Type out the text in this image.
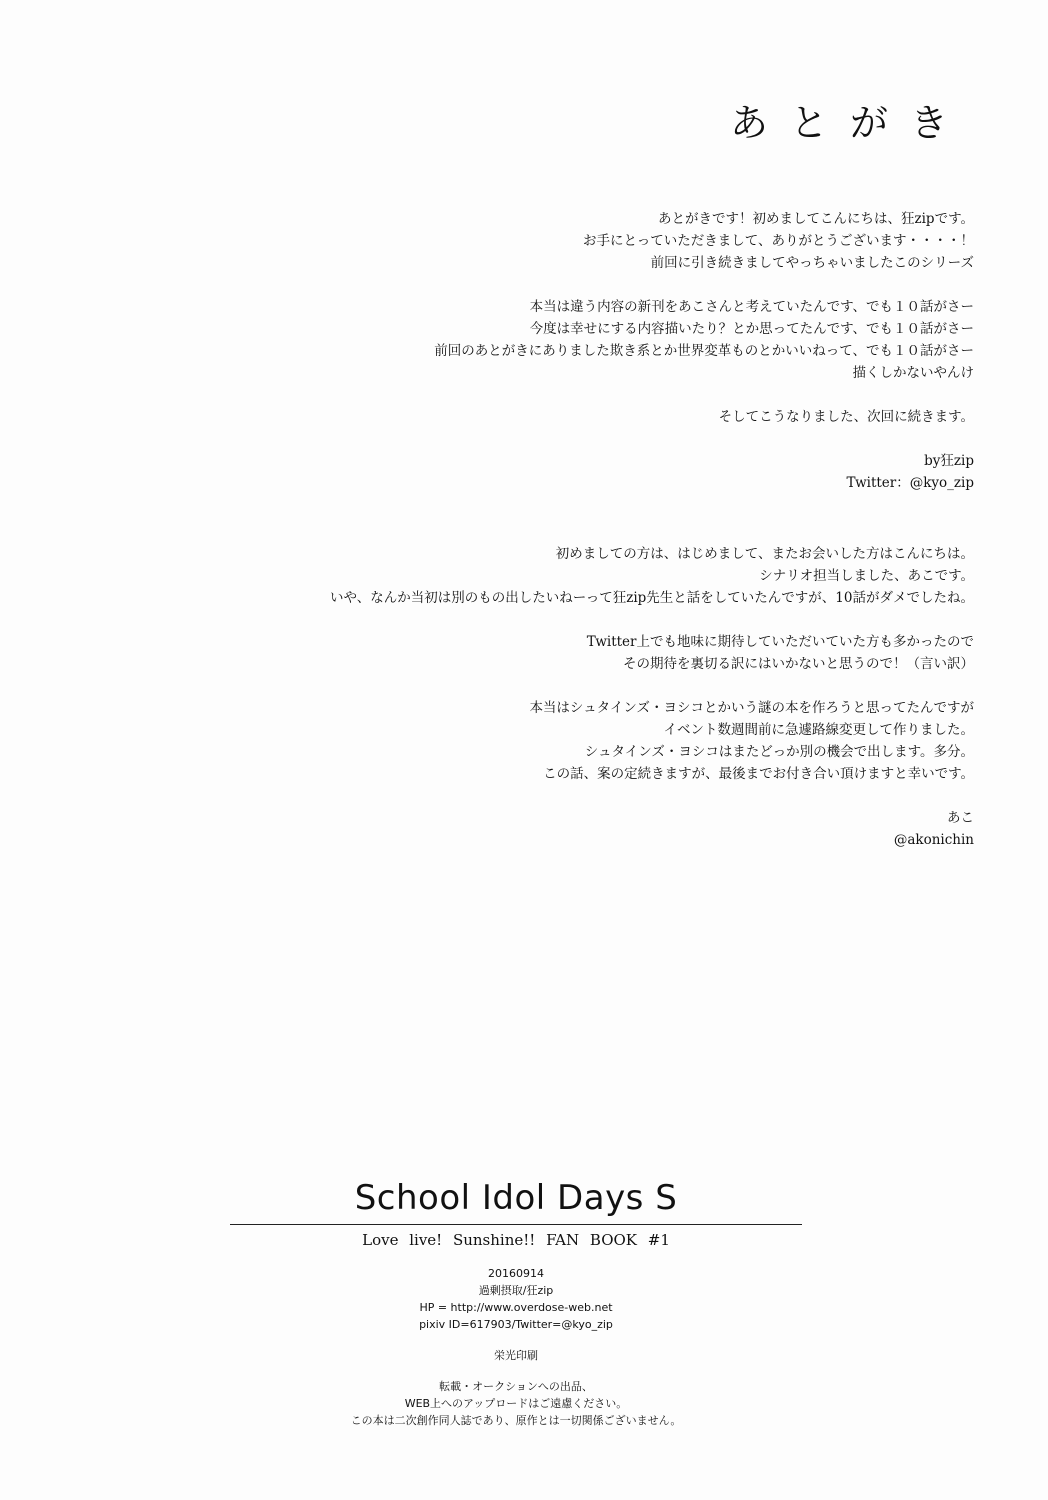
あとがき

あとがきです！初めましてこんにちは、狂zipです。

お手にとっていただきまして、ありがとうございます・・・・！

前回に引き続きましてやっちゃいましたこのシリーズ

本当は違う内容の新刊をあこさんと考えていたんです、でも１０話がさー

今度は幸せにする内容描いたり？とか思ってたんです、でも１０話がさー

前回のあとがきにありました欺き系とか世界変革ものとかいいねって、でも１０話がさー

描くしかないやんけ

そしてこうなりました、次回に続きます。

by狂zip

Twitter：@kyo_zip

初めましての方は、はじめまして、またお会いした方はこんにちは。

シナリオ担当しました、あこです。

いや、なんか当初は別のもの出したいねーって狂zip先生と話をしていたんですが、10話がダメでしたね。

Twitter上でも地味に期待していただいていた方も多かったので

その期待を裏切る訳にはいかないと思うので！（言い訳）

本当はシュタインズ・ヨシコとかいう謎の本を作ろうと思ってたんですが

イベント数週間前に急遽路線変更して作りました。

シュタインズ・ヨシコはまたどっか別の機会で出します。多分。

この話、案の定続きますが、最後までお付き合い頂けますと幸いです。

あこ

@akonichin

School Idol Days S

Love live! Sunshine!! FAN BOOK #1

20160914

過剰摂取/狂zip

HP = http://www.overdose-web.net

pixiv ID=617903/Twitter=@kyo_zip

栄光印刷

転載・オークションへの出品、

WEB上へのアップロードはご遠慮ください。

この本は二次創作同人誌であり、原作とは一切関係ございません。
